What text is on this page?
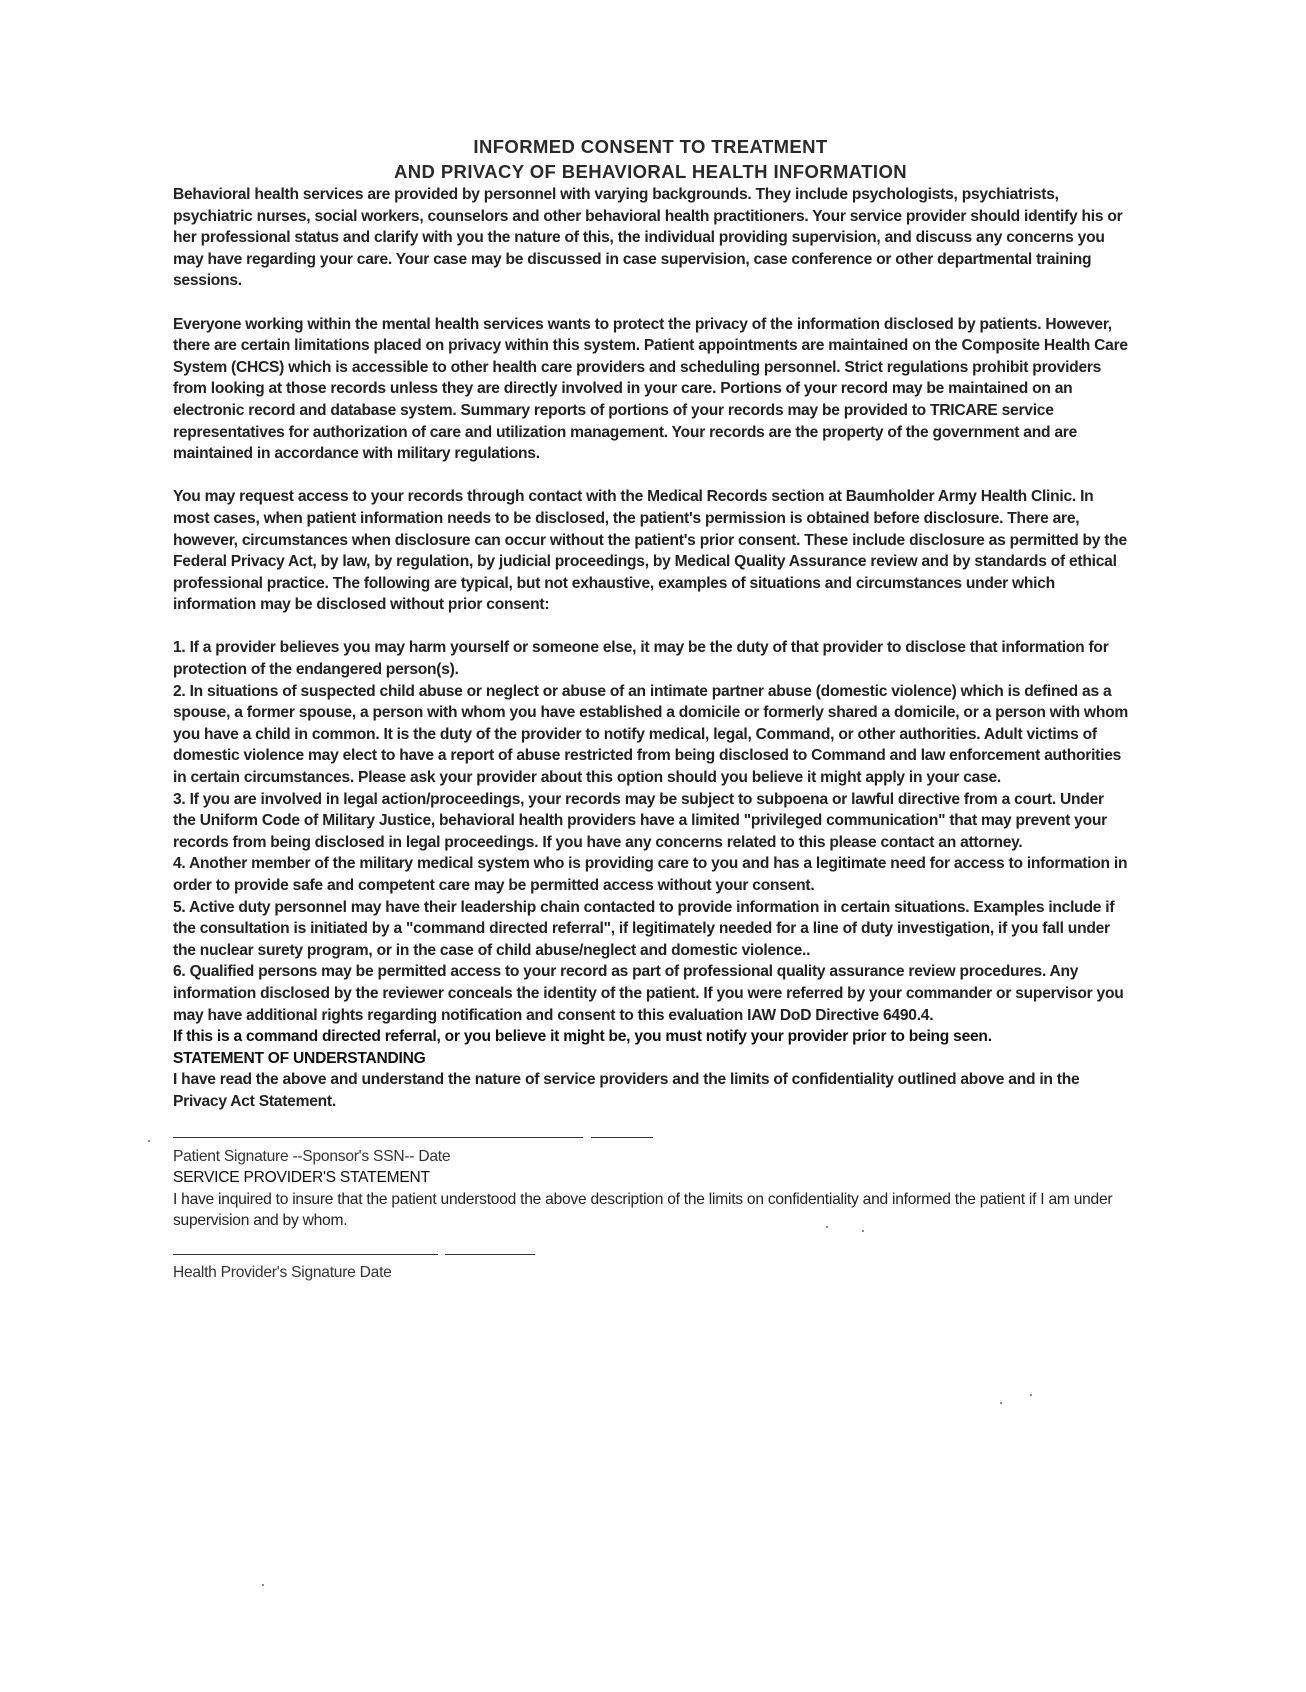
INFORMED CONSENT TO TREATMENT
AND PRIVACY OF BEHAVIORAL HEALTH INFORMATION

Behavioral health services are provided by personnel with varying backgrounds. They include psychologists, psychiatrists, psychiatric nurses, social workers, counselors and other behavioral health practitioners. Your service provider should identify his or her professional status and clarify with you the nature of this, the individual providing supervision, and discuss any concerns you may have regarding your care. Your case may be discussed in case supervision, case conference or other departmental training sessions.

Everyone working within the mental health services wants to protect the privacy of the information disclosed by patients. However, there are certain limitations placed on privacy within this system. Patient appointments are maintained on the Composite Health Care System (CHCS) which is accessible to other health care providers and scheduling personnel. Strict regulations prohibit providers from looking at those records unless they are directly involved in your care. Portions of your record may be maintained on an electronic record and database system. Summary reports of portions of your records may be provided to TRICARE service representatives for authorization of care and utilization management. Your records are the property of the government and are maintained in accordance with military regulations.

You may request access to your records through contact with the Medical Records section at Baumholder Army Health Clinic. In most cases, when patient information needs to be disclosed, the patient's permission is obtained before disclosure. There are, however, circumstances when disclosure can occur without the patient's prior consent. These include disclosure as permitted by the Federal Privacy Act, by law, by regulation, by judicial proceedings, by Medical Quality Assurance review and by standards of ethical professional practice. The following are typical, but not exhaustive, examples of situations and circumstances under which information may be disclosed without prior consent:

1. If a provider believes you may harm yourself or someone else, it may be the duty of that provider to disclose that information for protection of the endangered person(s).

2. In situations of suspected child abuse or neglect or abuse of an intimate partner abuse (domestic violence) which is defined as a spouse, a former spouse, a person with whom you have established a domicile or formerly shared a domicile, or a person with whom you have a child in common. It is the duty of the provider to notify medical, legal, Command, or other authorities. Adult victims of domestic violence may elect to have a report of abuse restricted from being disclosed to Command and law enforcement authorities in certain circumstances. Please ask your provider about this option should you believe it might apply in your case.

3. If you are involved in legal action/proceedings, your records may be subject to subpoena or lawful directive from a court. Under the Uniform Code of Military Justice, behavioral health providers have a limited "privileged communication" that may prevent your records from being disclosed in legal proceedings. If you have any concerns related to this please contact an attorney.

4. Another member of the military medical system who is providing care to you and has a legitimate need for access to information in order to provide safe and competent care may be permitted access without your consent.

5. Active duty personnel may have their leadership chain contacted to provide information in certain situations. Examples include if the consultation is initiated by a "command directed referral", if legitimately needed for a line of duty investigation, if you fall under the nuclear surety program, or in the case of child abuse/neglect and domestic violence..

6. Qualified persons may be permitted access to your record as part of professional quality assurance review procedures. Any information disclosed by the reviewer conceals the identity of the patient. If you were referred by your commander or supervisor you may have additional rights regarding notification and consent to this evaluation IAW DoD Directive 6490.4.

If this is a command directed referral, or you believe it might be, you must notify your provider prior to being seen.

STATEMENT OF UNDERSTANDING

I have read the above and understand the nature of service providers and the limits of confidentiality outlined above and in the Privacy Act Statement.

Patient Signature --Sponsor's SSN-- Date

SERVICE PROVIDER'S STATEMENT

I have inquired to insure that the patient understood the above description of the limits on confidentiality and informed the patient if I am under supervision and by whom.

Health Provider's Signature Date
